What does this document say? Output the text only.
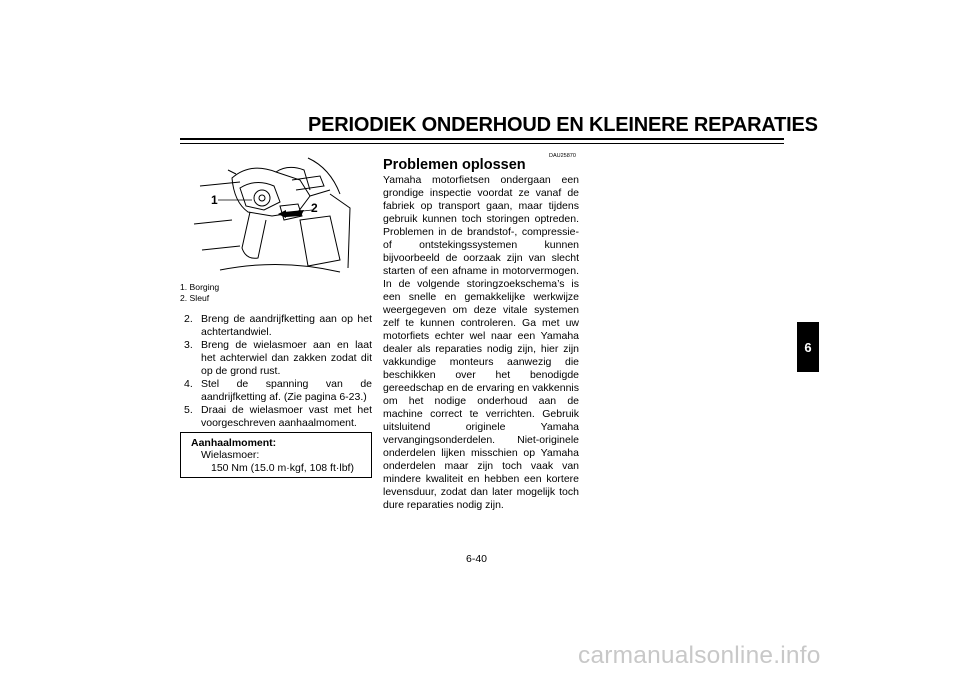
PERIODIEK ONDERHOUD EN KLEINERE REPARATIES
1
2
1. Borging
2. Sleuf
2. Breng de aandrijfketting aan op het achtertandwiel.
3. Breng de wielasmoer aan en laat het achterwiel dan zakken zodat dit op de grond rust.
4. Stel de spanning van de aandrijfketting af. (Zie pagina 6-23.)
5. Draai de wielasmoer vast met het voorgeschreven aanhaalmoment.
Aanhaalmoment:
Wielasmoer:
150 Nm (15.0 m·kgf, 108 ft·lbf)
DAU25870
Problemen oplossen

Yamaha motorfietsen ondergaan een grondige inspectie voordat ze vanaf de fabriek op transport gaan, maar tijdens gebruik kunnen toch storingen optreden. Problemen in de brandstof-, compressie- of ontstekingssystemen kunnen bijvoorbeeld de oorzaak zijn van slecht starten of een afname in motorvermogen. In de volgende storingzoekschema’s is een snelle en gemakkelijke werkwijze weergegeven om deze vitale systemen zelf te kunnen controleren. Ga met uw motorfiets echter wel naar een Yamaha dealer als reparaties nodig zijn, hier zijn vakkundige monteurs aanwezig die beschikken over het benodigde gereedschap en de ervaring en vakkennis om het nodige onderhoud aan de machine correct te verrichten. Gebruik uitsluitend originele Yamaha vervangingsonderdelen. Niet-originele onderdelen lijken misschien op Yamaha onderdelen maar zijn toch vaak van mindere kwaliteit en hebben een kortere levensduur, zodat dan later mogelijk toch dure reparaties nodig zijn.

6
6-40
carmanualsonline.info
